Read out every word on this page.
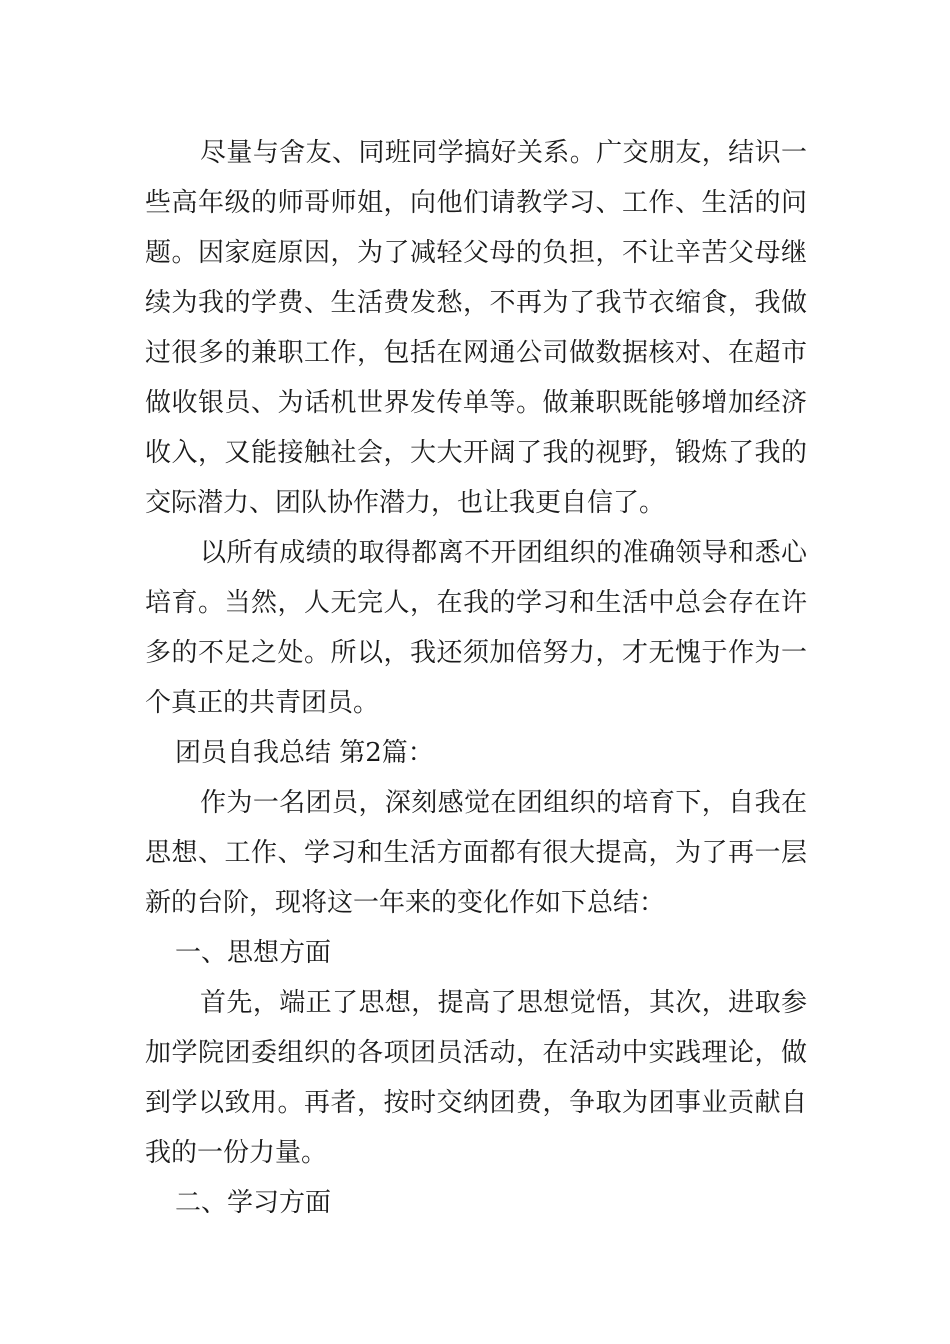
尽量与舍友、同班同学搞好关系。广交朋友，结识一些高年级的师哥师姐，向他们请教学习、工作、生活的问题。因家庭原因，为了减轻父母的负担，不让辛苦父母继续为我的学费、生活费发愁，不再为了我节衣缩食，我做过很多的兼职工作，包括在网通公司做数据核对、在超市做收银员、为话机世界发传单等。做兼职既能够增加经济收入，又能接触社会，大大开阔了我的视野，锻炼了我的交际潜力、团队协作潜力，也让我更自信了。

以所有成绩的取得都离不开团组织的准确领导和悉心培育。当然，人无完人，在我的学习和生活中总会存在许多的不足之处。所以，我还须加倍努力，才无愧于作为一个真正的共青团员。

团员自我总结 第2篇：

作为一名团员，深刻感觉在团组织的培育下，自我在思想、工作、学习和生活方面都有很大提高，为了再一层新的台阶，现将这一年来的变化作如下总结：

一、思想方面

首先，端正了思想，提高了思想觉悟，其次，进取参加学院团委组织的各项团员活动，在活动中实践理论，做到学以致用。再者，按时交纳团费，争取为团事业贡献自我的一份力量。

二、学习方面
